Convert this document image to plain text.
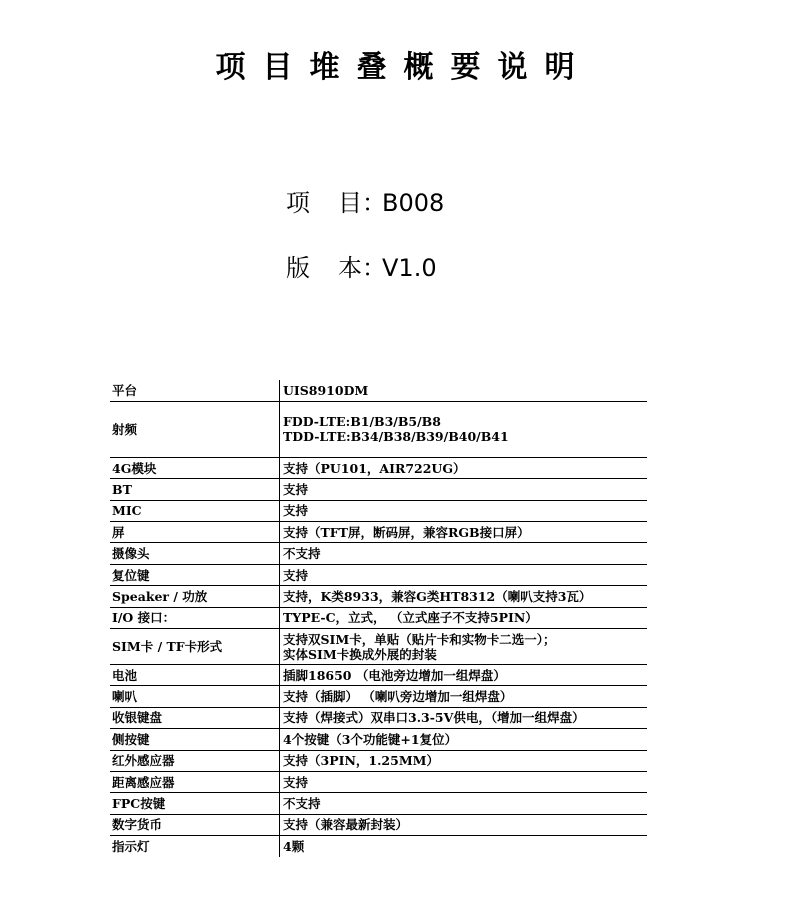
项目堆叠概要说明
项 目：B008
版 本：V1.0
平台	UIS8910DM

射频	FDD-LTE:B1/B3/B5/B8
TDD-LTE:B34/B38/B39/B40/B41

4G模块	支持（PU101，AIR722UG）

BT	支持

MIC	支持

屏	支持（TFT屏，断码屏，兼容RGB接口屏）

摄像头	不支持

复位键	支持

Speaker / 功放	支持，K类8933，兼容G类HT8312（喇叭支持3瓦）

I/O 接口：	TYPE-C，立式， （立式座子不支持5PIN）

SIM卡 / TF卡形式	支持双SIM卡，单贴（贴片卡和实物卡二选一）；
实体SIM卡换成外展的封装

电池	插脚18650 （电池旁边增加一组焊盘）

喇叭	支持（插脚） （喇叭旁边增加一组焊盘）

收银键盘	支持（焊接式）双串口3.3-5V供电，（增加一组焊盘）

侧按键	4个按键（3个功能键+1复位）

红外感应器	支持（3PIN，1.25MM）

距离感应器	支持

FPC按键	不支持

数字货币	支持（兼容最新封装）

指示灯	4颗
